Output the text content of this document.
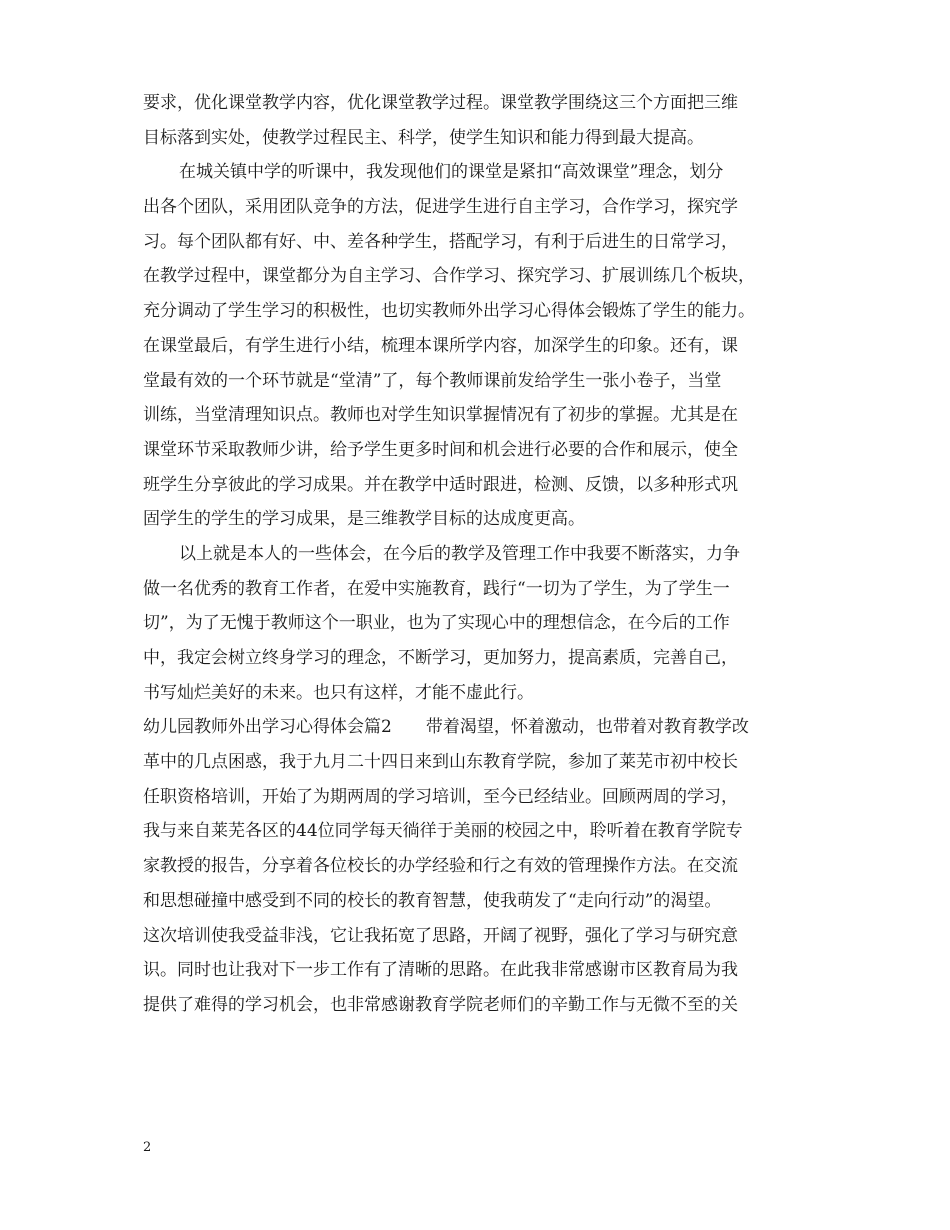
要求，优化课堂教学内容，优化课堂教学过程。课堂教学围绕这三个方面把三维
目标落到实处，使教学过程民主、科学，使学生知识和能力得到最大提高。
在城关镇中学的听课中，我发现他们的课堂是紧扣“高效课堂”理念，划分
出各个团队，采用团队竞争的方法，促进学生进行自主学习，合作学习，探究学
习。每个团队都有好、中、差各种学生，搭配学习，有利于后进生的日常学习，
在教学过程中，课堂都分为自主学习、合作学习、探究学习、扩展训练几个板块，
充分调动了学生学习的积极性，也切实教师外出学习心得体会锻炼了学生的能力。
在课堂最后，有学生进行小结，梳理本课所学内容，加深学生的印象。还有，课
堂最有效的一个环节就是“堂清”了，每个教师课前发给学生一张小卷子，当堂
训练，当堂清理知识点。教师也对学生知识掌握情况有了初步的掌握。尤其是在
课堂环节采取教师少讲，给予学生更多时间和机会进行必要的合作和展示，使全
班学生分享彼此的学习成果。并在教学中适时跟进，检测、反馈，以多种形式巩
固学生的学生的学习成果，是三维教学目标的达成度更高。
以上就是本人的一些体会，在今后的教学及管理工作中我要不断落实，力争
做一名优秀的教育工作者，在爱中实施教育，践行“一切为了学生，为了学生一
切”，为了无愧于教师这个一职业，也为了实现心中的理想信念，在今后的工作
中，我定会树立终身学习的理念，不断学习，更加努力，提高素质，完善自己，
书写灿烂美好的未来。也只有这样，才能不虚此行。
幼儿园教师外出学习心得体会篇2　　带着渴望，怀着激动，也带着对教育教学改
革中的几点困惑，我于九月二十四日来到山东教育学院，参加了莱芜市初中校长
任职资格培训，开始了为期两周的学习培训，至今已经结业。回顾两周的学习，
我与来自莱芜各区的44位同学每天徜徉于美丽的校园之中，聆听着在教育学院专
家教授的报告，分享着各位校长的办学经验和行之有效的管理操作方法。在交流
和思想碰撞中感受到不同的校长的教育智慧，使我萌发了“走向行动”的渴望。
这次培训使我受益非浅，它让我拓宽了思路，开阔了视野，强化了学习与研究意
识。同时也让我对下一步工作有了清晰的思路。在此我非常感谢市区教育局为我
提供了难得的学习机会，也非常感谢教育学院老师们的辛勤工作与无微不至的关
2
